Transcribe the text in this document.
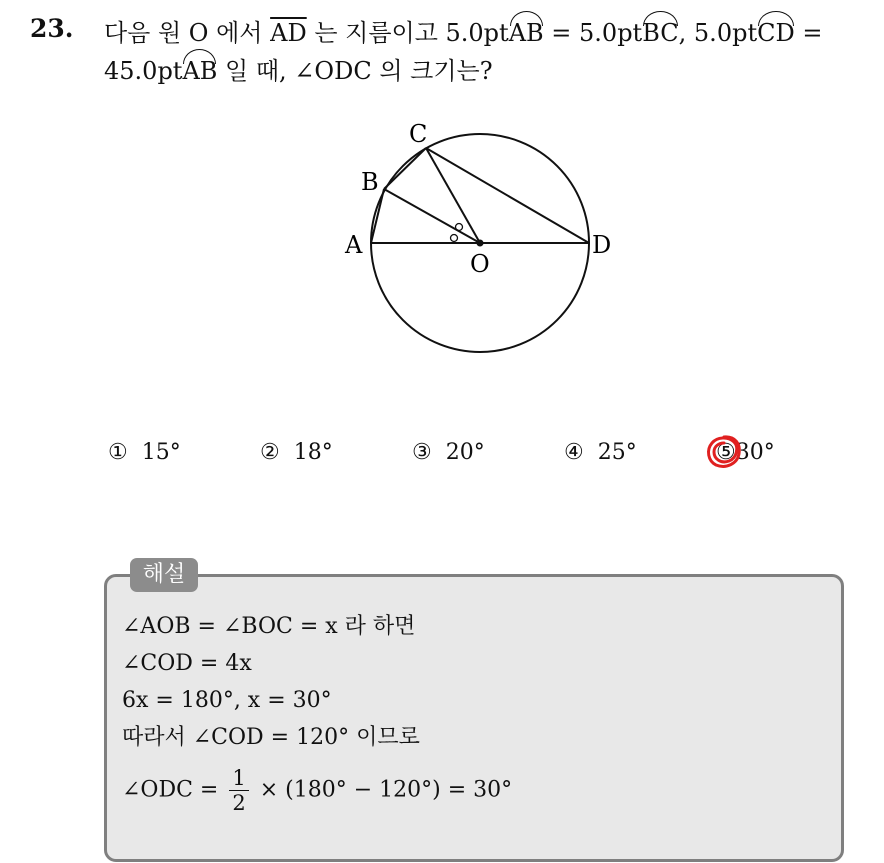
23. 다음 원 O 에서 $\overline{AD}$ 는 지름이고 5.0ptAB = 5.0ptBC, 5.0ptCD =
45.0ptAB 일 때, ∠ODC 의 크기는?
A
B
C
D
O
① 15°	② 18°	③ 20°	④ 25°	⑤30°
해설
∠AOB = ∠BOC = x 라 하면
∠COD = 4x
6x = 180°, x = 30°
따라서 ∠COD = 120° 이므로
∠ODC = $\frac{1}{2} \times (180^\circ - 120^\circ) = 30^\circ$
